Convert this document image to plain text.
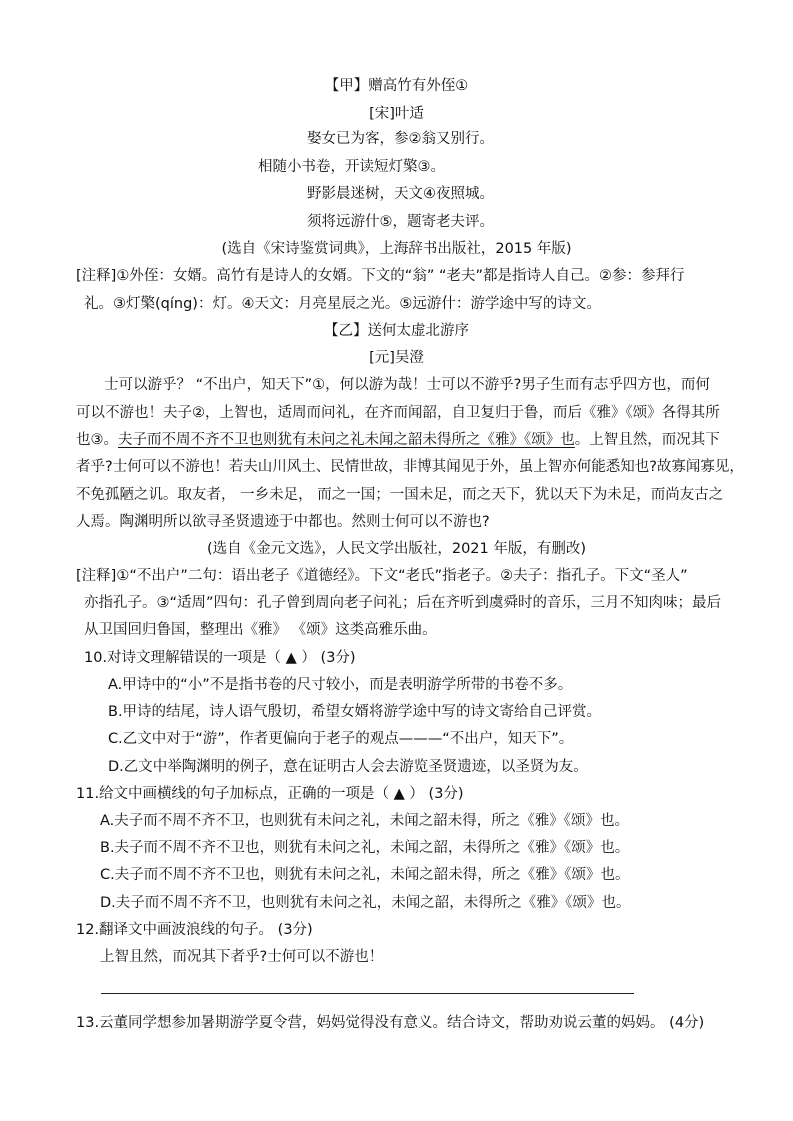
【甲】赠高竹有外侄①
[宋]叶适
娶女已为客，参②翁又别行。
相随小书卷，开读短灯檠③。
野影晨迷树，天文④夜照城。
须将远游什⑤，题寄老夫评。
(选自《宋诗鉴赏词典》，上海辞书出版社，2015 年版)
[注释]①外侄：女婿。高竹有是诗人的女婿。下文的“翁” “老夫”都是指诗人自己。②参：参拜行
礼。③灯檠(qíng)：灯。④天文：月亮星辰之光。⑤远游什：游学途中写的诗文。
【乙】送何太虚北游序
[元]吴澄
士可以游乎？ “不出户，知天下”①，何以游为哉！士可以不游乎?男子生而有志乎四方也，而何
可以不游也！夫子②，上智也，适周而问礼，在齐而闻韶，自卫复归于鲁，而后《雅》《颂》各得其所
也③。夫子而不周不齐不卫也则犹有未问之礼未闻之韶未得所之《雅》《颂》也。上智且然，而况其下
者乎?士何可以不游也！若夫山川风土、民情世故，非博其闻见于外，虽上智亦何能悉知也?故寡闻寡见，
不免孤陋之讥。取友者， 一乡未足， 而之一国；一国未足，而之天下，犹以天下为未足，而尚友古之
人焉。陶渊明所以欲寻圣贤遗迹于中都也。然则士何可以不游也?
(选自《金元文选》，人民文学出版社，2021 年版，有删改)
[注释]①“不出户”二句：语出老子《道德经》。下文“老氏”指老子。②夫子：指孔子。下文“圣人”
亦指孔子。③“适周”四句：孔子曾到周向老子问礼；后在齐听到虞舜时的音乐，三月不知肉味；最后
从卫国回归鲁国，整理出《雅》 《颂》这类高雅乐曲。
10.对诗文理解错误的一项是（ ▲ ） (3分)
A.甲诗中的“小”不是指书卷的尺寸较小，而是表明游学所带的书卷不多。
B.甲诗的结尾，诗人语气殷切，希望女婿将游学途中写的诗文寄给自己评赏。
C.乙文中对于“游”，作者更偏向于老子的观点———“不出户，知天下”。
D.乙文中举陶渊明的例子，意在证明古人会去游览圣贤遗迹，以圣贤为友。
11.给文中画横线的句子加标点，正确的一项是（ ▲ ） (3分)
A.夫子而不周不齐不卫，也则犹有未问之礼，未闻之韶未得，所之《雅》《颂》也。
B.夫子而不周不齐不卫也，则犹有未问之礼，未闻之韶，未得所之《雅》《颂》也。
C.夫子而不周不齐不卫也，则犹有未问之礼，未闻之韶未得，所之《雅》《颂》也。
D.夫子而不周不齐不卫，也则犹有未问之礼，未闻之韶，未得所之《雅》《颂》也。
12.翻译文中画波浪线的句子。 (3分)
上智且然，而况其下者乎?士何可以不游也！
13.云董同学想参加暑期游学夏令营，妈妈觉得没有意义。结合诗文，帮助劝说云董的妈妈。 (4分)
